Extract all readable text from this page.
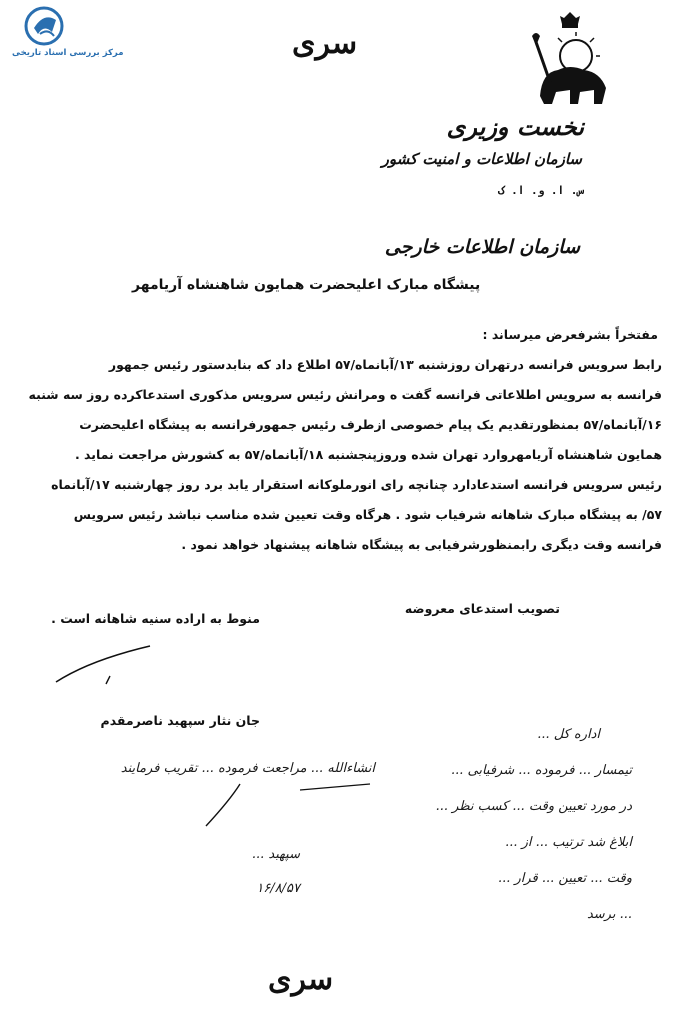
مرکز بررسی اسناد تاریخی	سری
نخست وزیری
سازمان اطلاعات و امنیت کشور
س. ا. و. ا. ک
سازمان اطلاعات خارجی
پیشگاه مبارک اعلیحضرت همایون شاهنشاه آریامهر
مفتخراً بشرفعرض میرساند :
رابط سرویس فرانسه درتهران روزشنبه ۱۳/آبانماه/۵۷ اطلاع داد که بنابدستور رئیس جمهور
فرانسه به سرویس اطلاعاتی فرانسه گفت ه ومرانش رئیس سرویس مذکوری استدعاکرده روز سه شنبه
۱۶/آبانماه/۵۷ بمنظورتقدیم یک پیام خصوصی ازطرف رئیس جمهورفرانسه به پیشگاه اعلیحضرت
همایون شاهنشاه آریامهروارد تهران شده وروزپنجشنبه ۱۸/آبانماه/۵۷ به کشورش مراجعت نماید .
رئیس سرویس فرانسه استدعادارد چنانچه رای انورملوکانه استقرار یابد برد روز چهارشنبه ۱۷/آبانماه
۵۷/ به پیشگاه مبارک شاهانه شرفیاب شود . هرگاه وقت تعیین شده مناسب نباشد رئیس سرویس
فرانسه وقت دیگری رابمنظورشرفیابی به پیشگاه شاهانه پیشنهاد خواهد نمود .
تصویب استدعای معروضه
منوط به اراده سنیه شاهانه است .
جان نثار سپهبد ناصرمقدم
انشاءالله ... مراجعت فرموده ... تقریب فرمایند
سپهبد ...
۱۶/۸/۵۷
اداره کل ...
تیمسار ... فرموده ... شرفیابی ...
در مورد تعیین وقت ... کسب نظر ...
ابلاغ شد ترتیب ... از ...
وقت ... تعیین ... قرار ...
... برسد
سری
